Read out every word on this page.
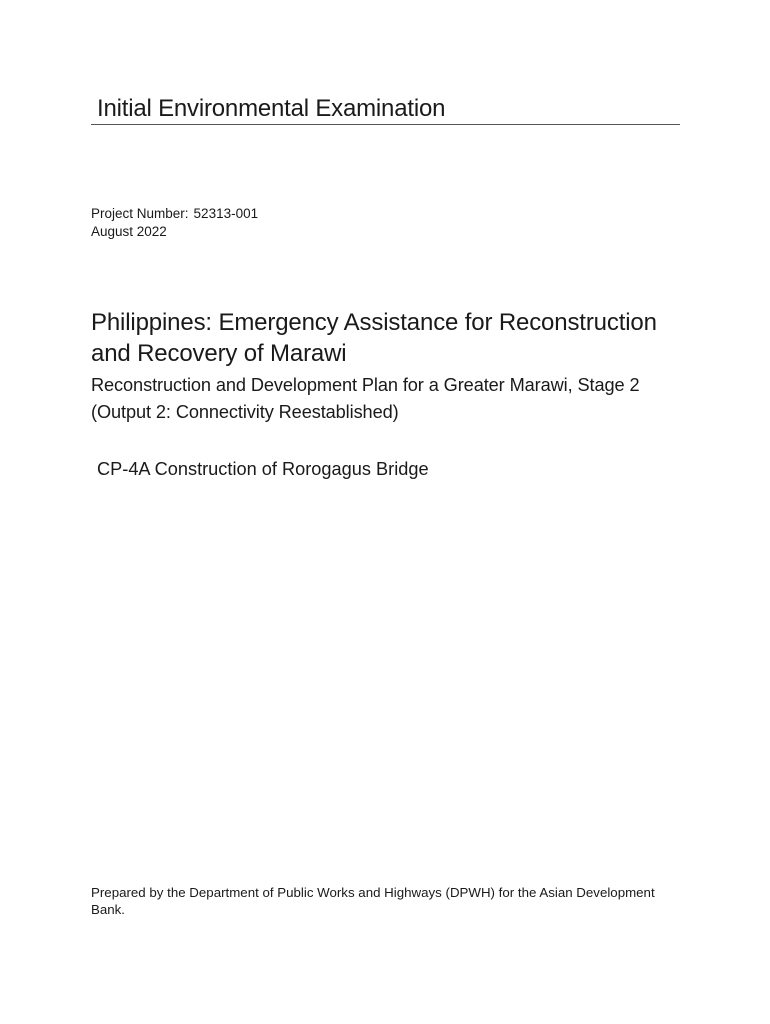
Initial Environmental Examination
Project Number: 52313-001
August 2022
Philippines: Emergency Assistance for Reconstruction
and Recovery of Marawi
Reconstruction and Development Plan for a Greater Marawi, Stage 2
(Output 2: Connectivity Reestablished)
CP-4A Construction of Rorogagus Bridge
Prepared by the Department of Public Works and Highways (DPWH) for the Asian Development
Bank.
